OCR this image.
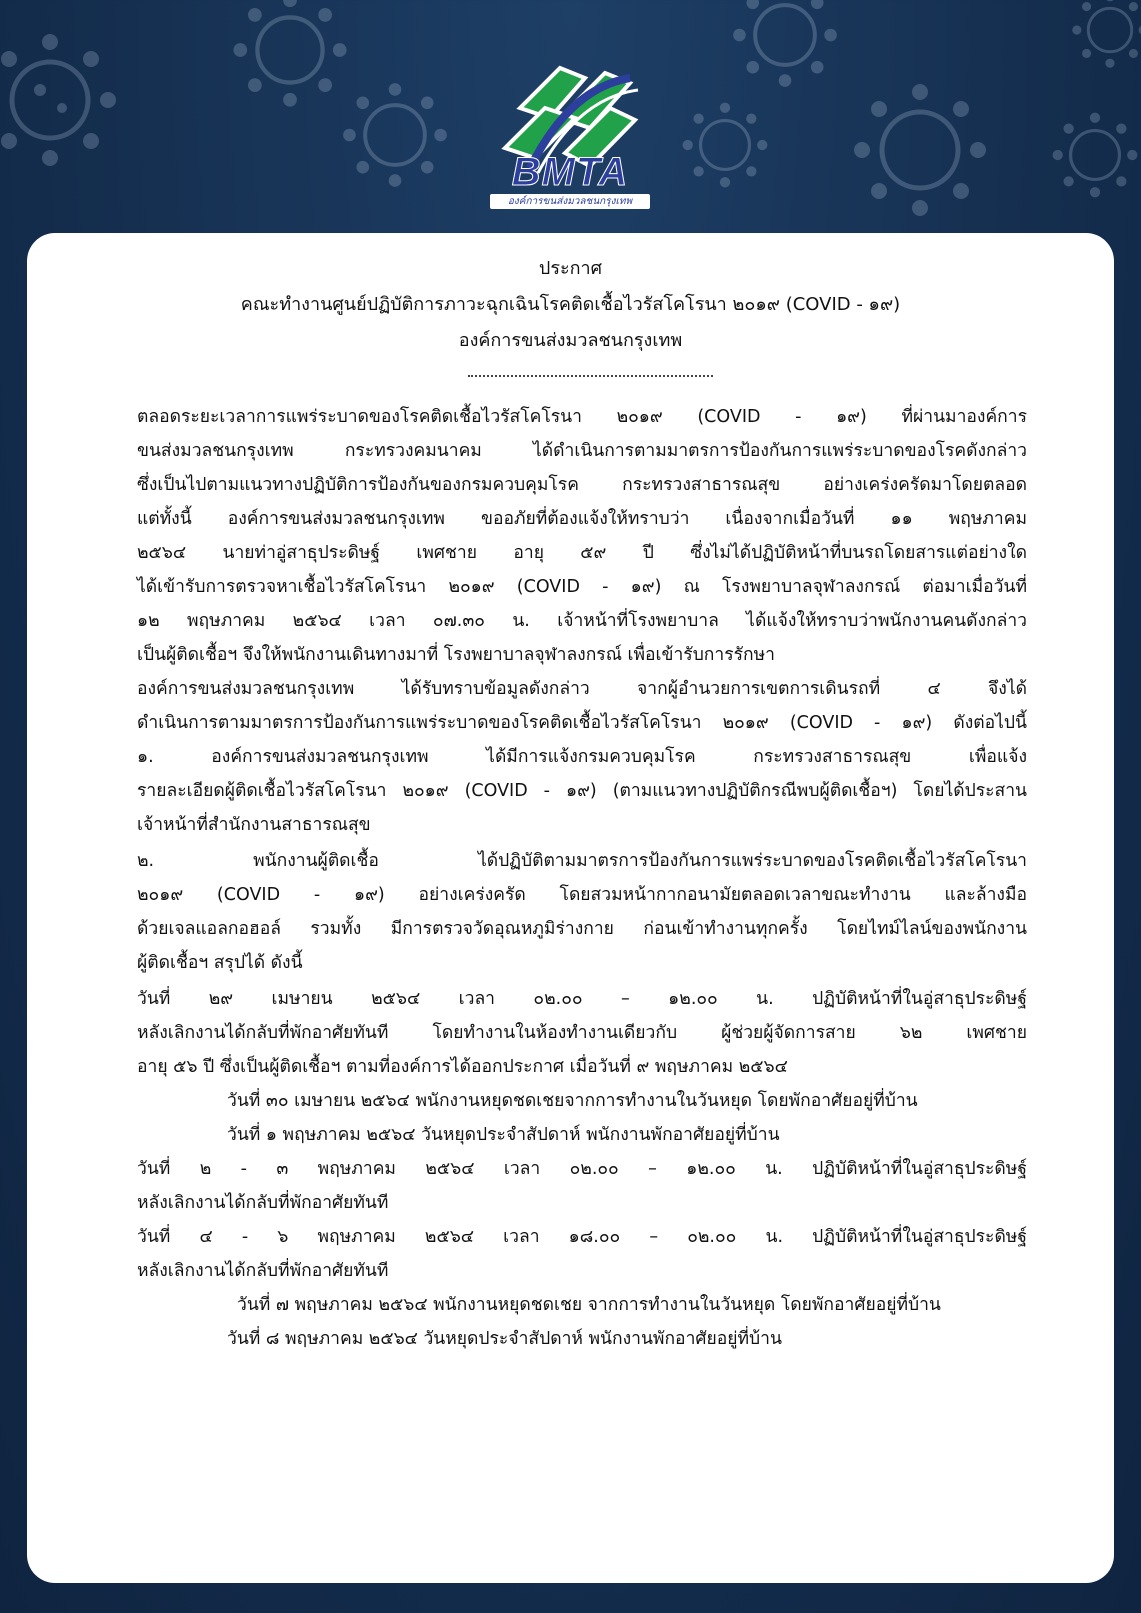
BMTA
องค์การขนส่งมวลชนกรุงเทพ
ประกาศ
คณะทำงานศูนย์ปฏิบัติการภาวะฉุกเฉินโรคติดเชื้อไวรัสโคโรนา ๒๐๑๙ (COVID - ๑๙)
องค์การขนส่งมวลชนกรุงเทพ
ตลอดระยะเวลาการแพร่ระบาดของโรคติดเชื้อไวรัสโคโรนา ๒๐๑๙ (COVID - ๑๙) ที่ผ่านมาองค์การ
ขนส่งมวลชนกรุงเทพ กระทรวงคมนาคม ได้ดำเนินการตามมาตรการป้องกันการแพร่ระบาดของโรคดังกล่าว
ซึ่งเป็นไปตามแนวทางปฏิบัติการป้องกันของกรมควบคุมโรค กระทรวงสาธารณสุข อย่างเคร่งครัดมาโดยตลอด
แต่ทั้งนี้ องค์การขนส่งมวลชนกรุงเทพ ขออภัยที่ต้องแจ้งให้ทราบว่า เนื่องจากเมื่อวันที่ ๑๑ พฤษภาคม
๒๕๖๔ นายท่าอู่สาธุประดิษฐ์ เพศชาย อายุ ๕๙ ปี ซึ่งไม่ได้ปฏิบัติหน้าที่บนรถโดยสารแต่อย่างใด
ได้เข้ารับการตรวจหาเชื้อไวรัสโคโรนา ๒๐๑๙ (COVID - ๑๙) ณ โรงพยาบาลจุฬาลงกรณ์ ต่อมาเมื่อวันที่
๑๒ พฤษภาคม ๒๕๖๔ เวลา ๐๗.๓๐ น. เจ้าหน้าที่โรงพยาบาล ได้แจ้งให้ทราบว่าพนักงานคนดังกล่าว
เป็นผู้ติดเชื้อฯ จึงให้พนักงานเดินทางมาที่ โรงพยาบาลจุฬาลงกรณ์ เพื่อเข้ารับการรักษา
องค์การขนส่งมวลชนกรุงเทพ ได้รับทราบข้อมูลดังกล่าว จากผู้อำนวยการเขตการเดินรถที่ ๔ จึงได้
ดำเนินการตามมาตรการป้องกันการแพร่ระบาดของโรคติดเชื้อไวรัสโคโรนา ๒๐๑๙ (COVID - ๑๙) ดังต่อไปนี้
๑. องค์การขนส่งมวลชนกรุงเทพ ได้มีการแจ้งกรมควบคุมโรค กระทรวงสาธารณสุข เพื่อแจ้ง
รายละเอียดผู้ติดเชื้อไวรัสโคโรนา ๒๐๑๙ (COVID - ๑๙) (ตามแนวทางปฏิบัติกรณีพบผู้ติดเชื้อฯ) โดยได้ประสาน
เจ้าหน้าที่สำนักงานสาธารณสุข
๒. พนักงานผู้ติดเชื้อ ได้ปฏิบัติตามมาตรการป้องกันการแพร่ระบาดของโรคติดเชื้อไวรัสโคโรนา
๒๐๑๙ (COVID - ๑๙) อย่างเคร่งครัด โดยสวมหน้ากากอนามัยตลอดเวลาขณะทำงาน และล้างมือ
ด้วยเจลแอลกอฮอล์ รวมทั้ง มีการตรวจวัดอุณหภูมิร่างกาย ก่อนเข้าทำงานทุกครั้ง โดยไทม์ไลน์ของพนักงาน
ผู้ติดเชื้อฯ สรุปได้ ดังนี้
วันที่ ๒๙ เมษายน ๒๕๖๔ เวลา ๐๒.๐๐ – ๑๒.๐๐ น. ปฏิบัติหน้าที่ในอู่สาธุประดิษฐ์
หลังเลิกงานได้กลับที่พักอาศัยทันที โดยทำงานในห้องทำงานเดียวกับ ผู้ช่วยผู้จัดการสาย ๖๒ เพศชาย
อายุ ๕๖ ปี ซึ่งเป็นผู้ติดเชื้อฯ ตามที่องค์การได้ออกประกาศ เมื่อวันที่ ๙ พฤษภาคม ๒๕๖๔
วันที่ ๓๐ เมษายน ๒๕๖๔ พนักงานหยุดชดเชยจากการทำงานในวันหยุด โดยพักอาศัยอยู่ที่บ้าน
วันที่ ๑ พฤษภาคม ๒๕๖๔ วันหยุดประจำสัปดาห์ พนักงานพักอาศัยอยู่ที่บ้าน
วันที่ ๒ - ๓ พฤษภาคม ๒๕๖๔ เวลา ๐๒.๐๐ – ๑๒.๐๐ น. ปฏิบัติหน้าที่ในอู่สาธุประดิษฐ์
หลังเลิกงานได้กลับที่พักอาศัยทันที
วันที่ ๔ - ๖ พฤษภาคม ๒๕๖๔ เวลา ๑๘.๐๐ – ๐๒.๐๐ น. ปฏิบัติหน้าที่ในอู่สาธุประดิษฐ์
หลังเลิกงานได้กลับที่พักอาศัยทันที
วันที่ ๗ พฤษภาคม ๒๕๖๔ พนักงานหยุดชดเชย จากการทำงานในวันหยุด โดยพักอาศัยอยู่ที่บ้าน
วันที่ ๘ พฤษภาคม ๒๕๖๔ วันหยุดประจำสัปดาห์ พนักงานพักอาศัยอยู่ที่บ้าน
